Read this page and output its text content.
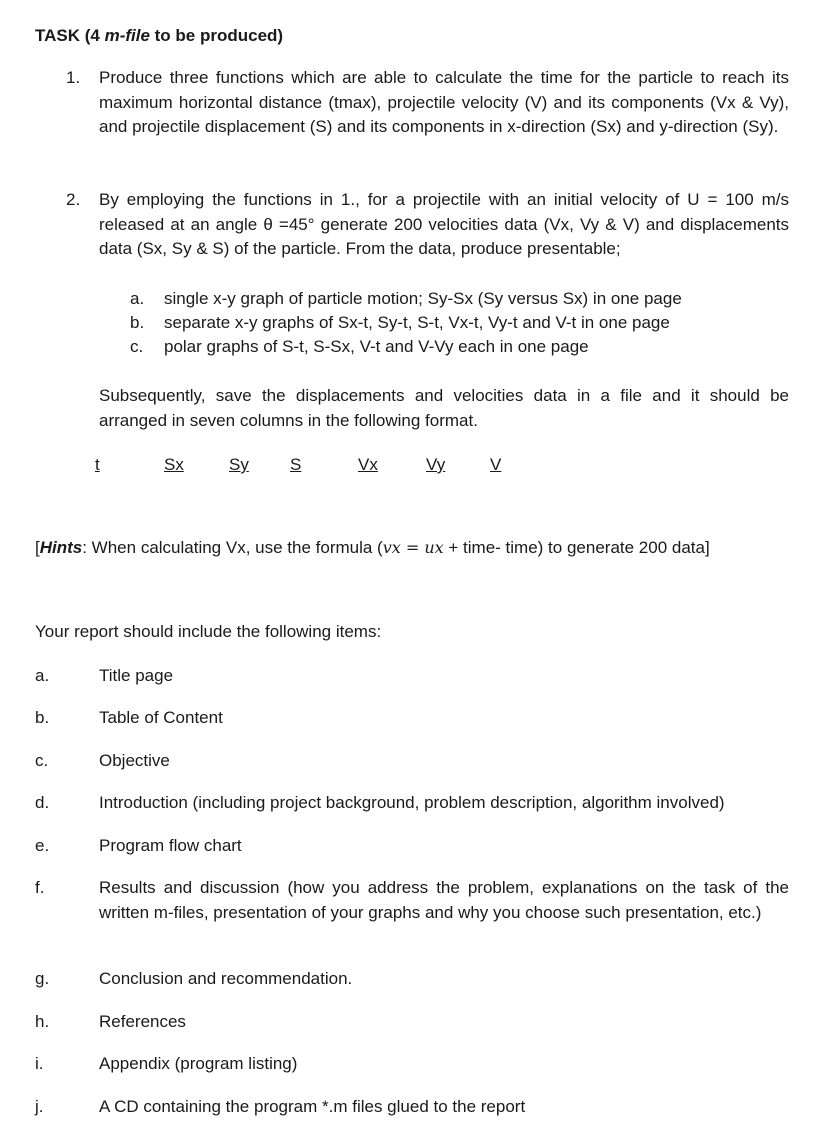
TASK (4 m-file to be produced)
1. Produce three functions which are able to calculate the time for the particle to reach its maximum horizontal distance (tmax), projectile velocity (V) and its components (Vx & Vy), and projectile displacement (S) and its components in x-direction (Sx) and y-direction (Sy).
2. By employing the functions in 1., for a projectile with an initial velocity of U = 100 m/s released at an angle θ =45° generate 200 velocities data (Vx, Vy & V) and displacements data (Sx, Sy & S) of the particle. From the data, produce presentable;
a.	single x-y graph of particle motion; Sy-Sx (Sy versus Sx) in one page
b.	separate x-y graphs of Sx-t, Sy-t, S-t, Vx-t, Vy-t and V-t in one page
c.	polar graphs of S-t, S-Sx, V-t and V-Vy each in one page
Subsequently, save the displacements and velocities data in a file and it should be arranged in seven columns in the following format.
t	Sx	Sy S	Vx	Vy	V
[Hints: When calculating Vx, use the formula (vx = ux + time- time) to generate 200 data]
Your report should include the following items:
a.	Title page
b.	Table of Content
c.	Objective
d.	Introduction (including project background, problem description, algorithm involved)
e.	Program flow chart
f.	Results and discussion (how you address the problem, explanations on the task of the written m-files, presentation of your graphs and why you choose such presentation, etc.)
g.	Conclusion and recommendation.
h.	References
i.	Appendix (program listing)
j.	A CD containing the program *.m files glued to the report
